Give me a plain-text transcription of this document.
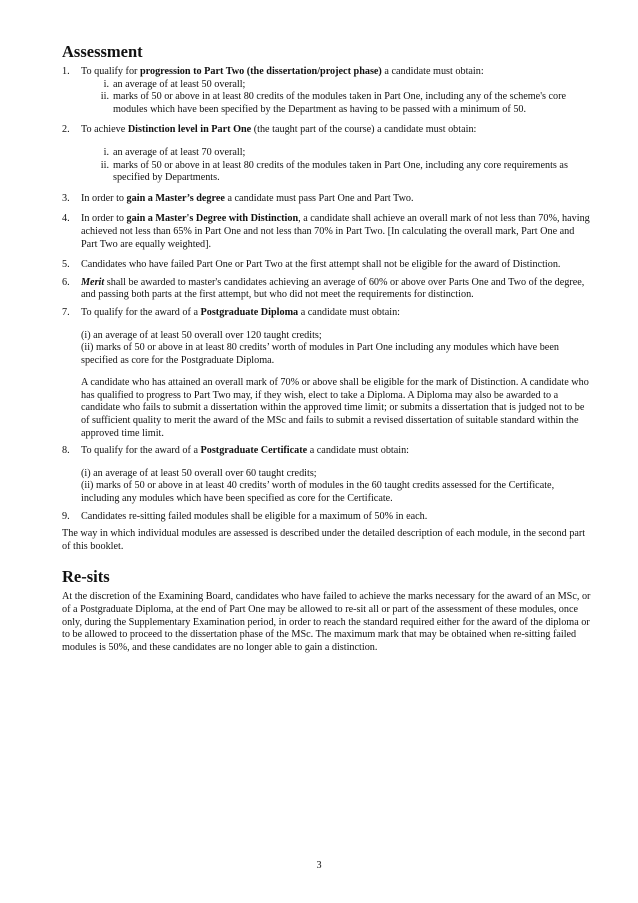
Assessment
1.	To qualify for progression to Part Two (the dissertation/project phase) a candidate must obtain:

i. an average of at least 50 overall;
ii. marks of 50 or above in at least 80 credits of the modules taken in Part One, including any of the scheme's core modules which have been specified by the Department as having to be passed with a minimum of 50.
2.	To achieve Distinction level in Part One (the taught part of the course) a candidate must obtain:

i. an average of at least 70 overall;
ii. marks of 50 or above in at least 80 credits of the modules taken in Part One, including any core requirements as specified by Departments.
3.	In order to gain a Master’s degree a candidate must pass Part One and Part Two.

4.	In order to gain a Master's Degree with Distinction, a candidate shall achieve an overall mark of not less than 70%, having achieved not less than 65% in Part One and not less than 70% in Part Two. [In calculating the overall mark, Part One and Part Two are equally weighted].

5.	Candidates who have failed Part One or Part Two at the first attempt shall not be eligible for the award of Distinction.

6.	Merit shall be awarded to master's candidates achieving an average of 60% or above over Parts One and Two of the degree, and passing both parts at the first attempt, but who did not meet the requirements for distinction.

7.	To qualify for the award of a Postgraduate Diploma a candidate must obtain:

(i) an average of at least 50 overall over 120 taught credits;

(ii) marks of 50 or above in at least 80 credits’ worth of modules in Part One including any modules which have been specified as core for the Postgraduate Diploma.

A candidate who has attained an overall mark of 70% or above shall be eligible for the mark of Distinction. A candidate who has qualified to progress to Part Two may, if they wish, elect to take a Diploma. A Diploma may also be awarded to a candidate who fails to submit a dissertation within the approved time limit; or submits a dissertation that is judged not to be of sufficient quality to merit the award of the MSc and fails to submit a revised dissertation of suitable standard within the approved time limit.

8.	To qualify for the award of a Postgraduate Certificate a candidate must obtain:

(i) an average of at least 50 overall over 60 taught credits;

(ii) marks of 50 or above in at least 40 credits’ worth of modules in the 60 taught credits assessed for the Certificate, including any modules which have been specified as core for the Certificate.

9.	Candidates re-sitting failed modules shall be eligible for a maximum of 50% in each.

The way in which individual modules are assessed is described under the detailed description of each module, in the second part of this booklet.

Re-sits

At the discretion of the Examining Board, candidates who have failed to achieve the marks necessary for the award of an MSc, or of a Postgraduate Diploma, at the end of Part One may be allowed to re-sit all or part of the assessment of these modules, once only, during the Supplementary Examination period, in order to reach the standard required either for the award of the diploma or to be allowed to proceed to the dissertation phase of the MSc. The maximum mark that may be obtained when re-sitting failed modules is 50%, and these candidates are no longer able to gain a distinction.

3
